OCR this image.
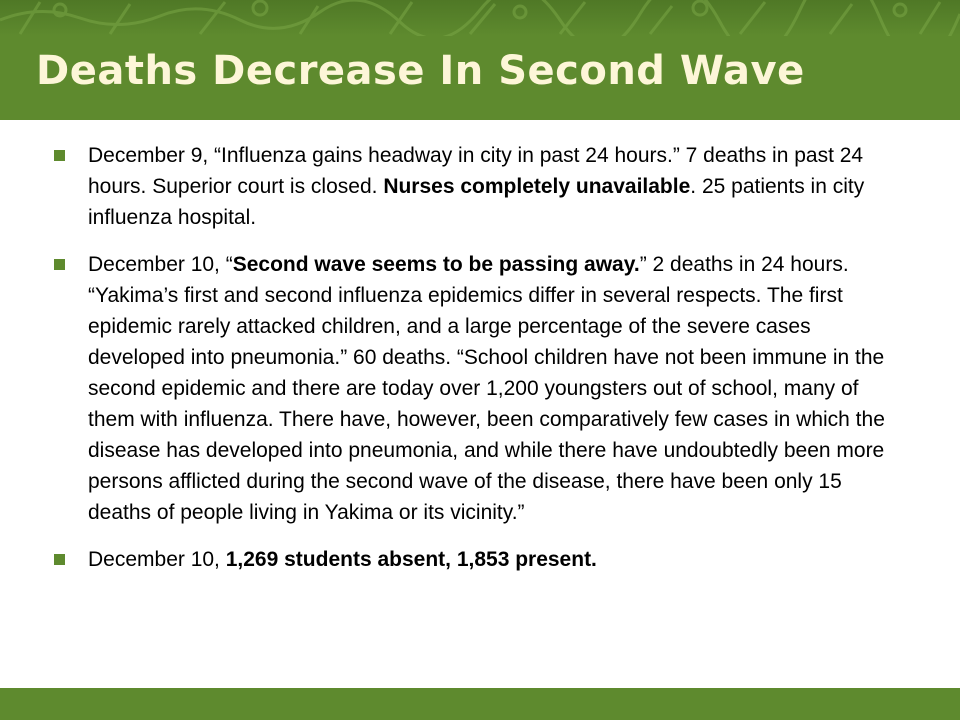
Deaths Decrease In Second Wave

December 9, “Influenza gains headway in city in past 24 hours.” 7 deaths in past 24 hours. Superior court is closed. Nurses completely unavailable. 25 patients in city influenza hospital.

December 10, “Second wave seems to be passing away.” 2 deaths in 24 hours. “Yakima’s first and second influenza epidemics differ in several respects. The first epidemic rarely attacked children, and a large percentage of the severe cases developed into pneumonia.” 60 deaths. “School children have not been immune in the second epidemic and there are today over 1,200 youngsters out of school, many of them with influenza. There have, however, been comparatively few cases in which the disease has developed into pneumonia, and while there have undoubtedly been more persons afflicted during the second wave of the disease, there have been only 15 deaths of people living in Yakima or its vicinity.”

December 10, 1,269 students absent, 1,853 present.
